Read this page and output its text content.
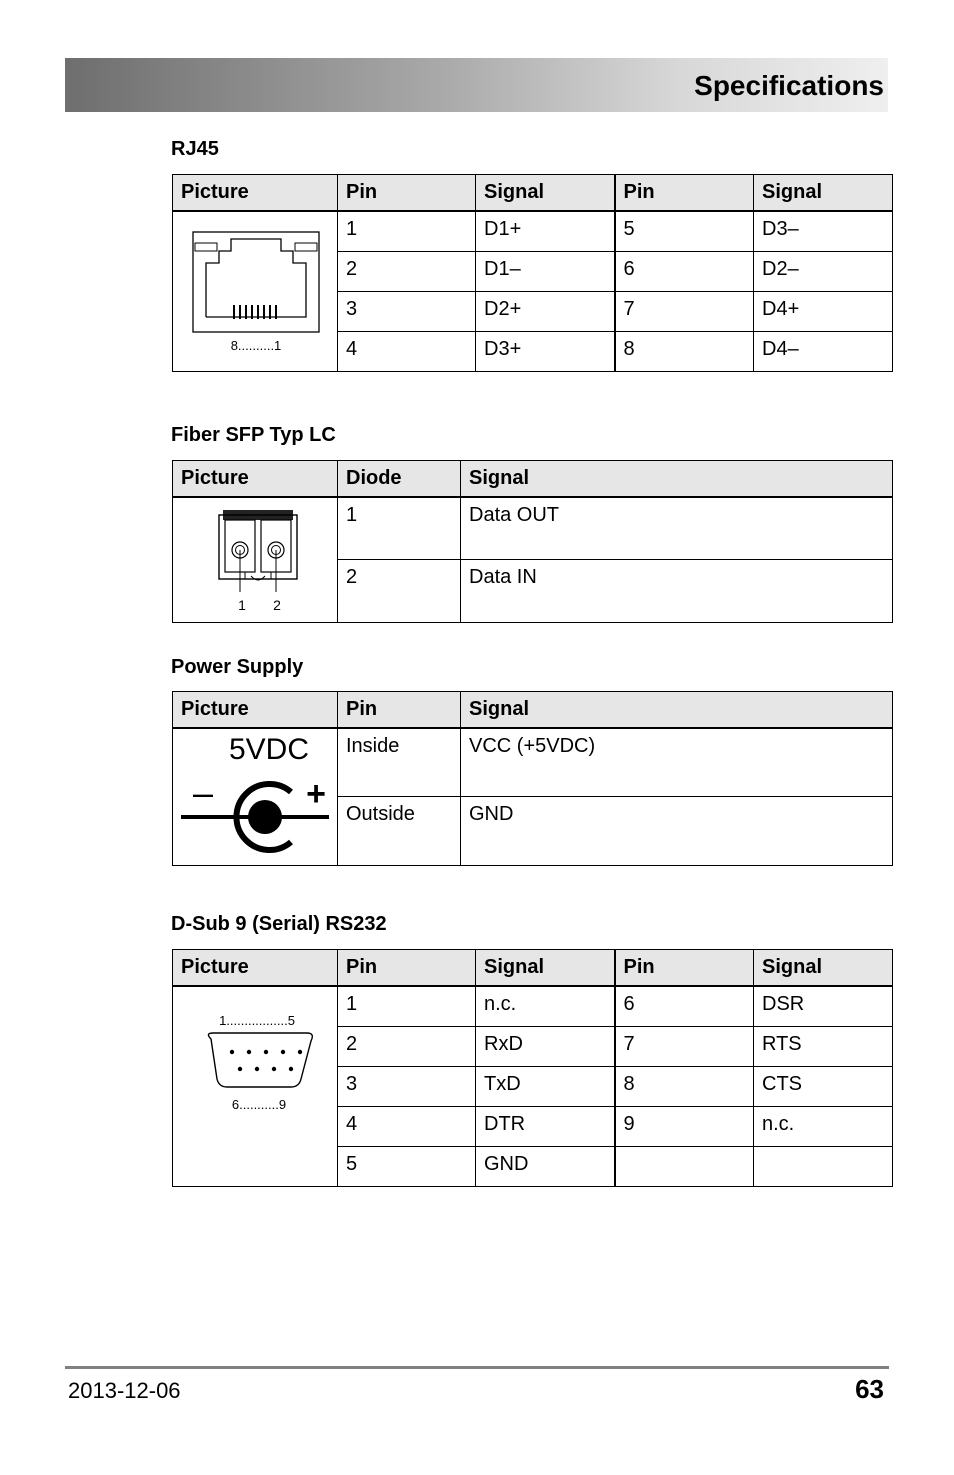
Specifications
RJ45
Picture	Pin	Signal	Pin	Signal

8..........1	1	D1+	5	D3–
	2	D1–	6	D2–
	3	D2+	7	D4+
	4	D3+	8	D4–
Fiber SFP Typ LC
Picture	Diode	Signal

1 2	1	Data OUT
	2	Data IN
Power Supply
Picture	Pin	Signal

5VDC
– +	Inside	VCC (+5VDC)
	Outside	GND
D-Sub 9 (Serial) RS232
Picture	Pin	Signal	Pin	Signal

1.................5
6...........9	1	n.c.	6	DSR
	2	RxD	7	RTS
	3	TxD	8	CTS
	4	DTR	9	n.c.
	5	GND		
2013-12-06	63
